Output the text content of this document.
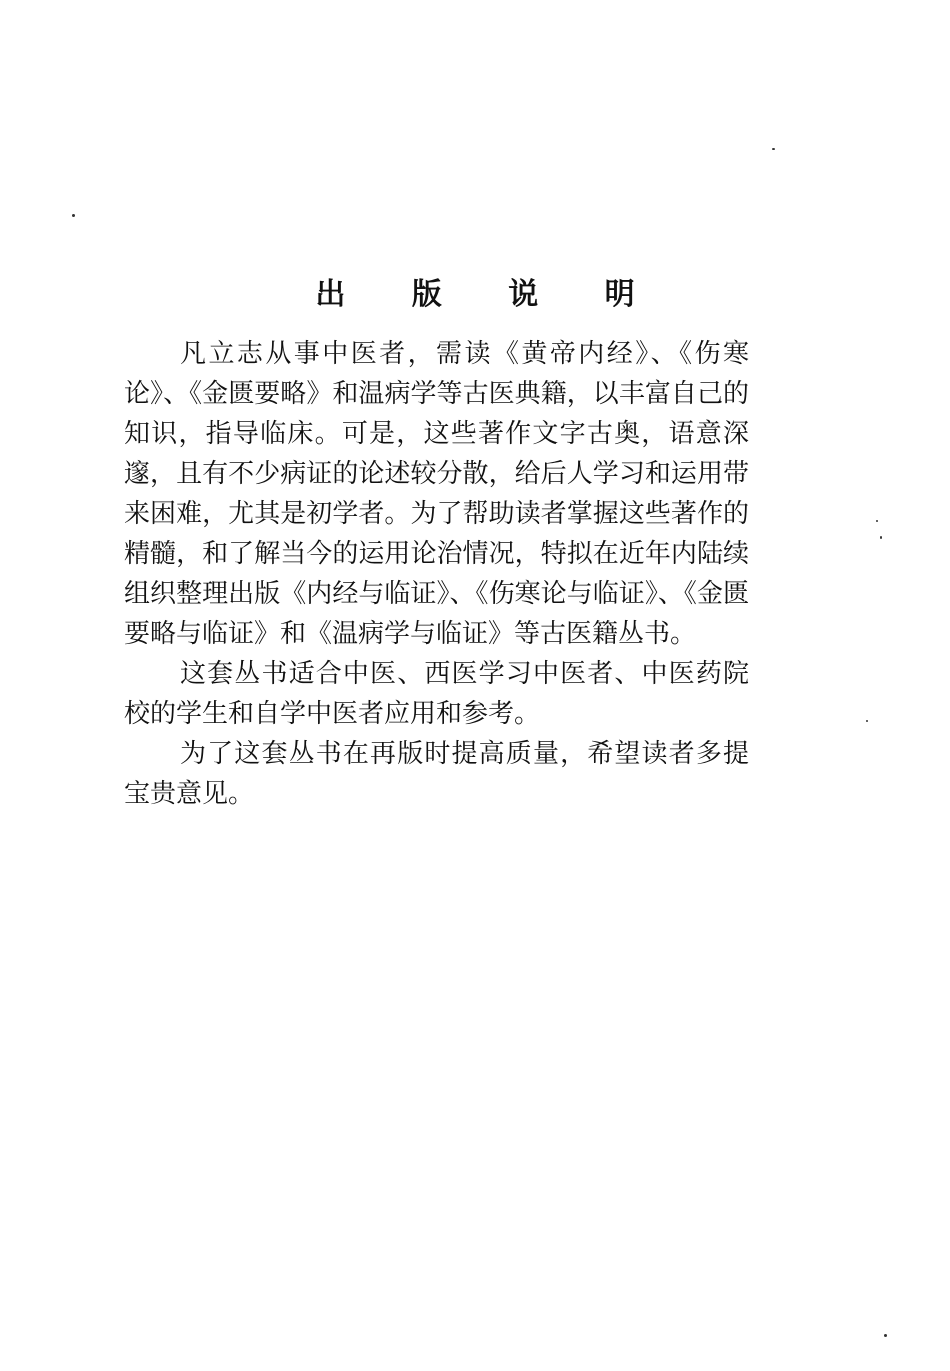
出 版 说 明

凡立志从事中医者，需读《黄帝内经》、《伤寒论》、《金匮要略》和温病学等古医典籍，以丰富自己的知识，指导临床。可是，这些著作文字古奥，语意深邃，且有不少病证的论述较分散，给后人学习和运用带来困难，尤其是初学者。为了帮助读者掌握这些著作的精髓，和了解当今的运用论治情况，特拟在近年内陆续组织整理出版《内经与临证》、《伤寒论与临证》、《金匮要略与临证》和《温病学与临证》等古医籍丛书。

这套丛书适合中医、西医学习中医者、中医药院校的学生和自学中医者应用和参考。

为了这套丛书在再版时提高质量，希望读者多提宝贵意见。
